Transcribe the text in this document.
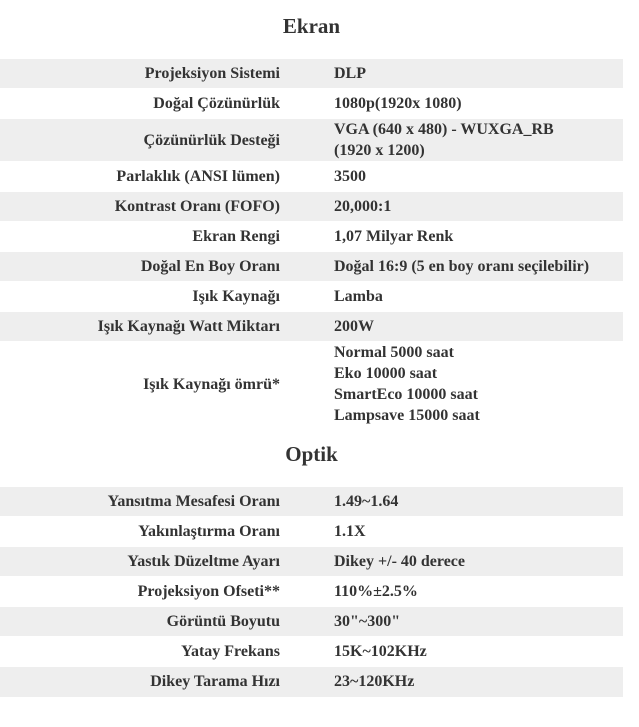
Ekran
Projeksiyon Sistemi	DLP
Doğal Çözünürlük	1080p(1920x 1080)
Çözünürlük Desteği	VGA (640 x 480) - WUXGA_RB (1920 x 1200)
Parlaklık (ANSI lümen)	3500
Kontrast Oranı (FOFO)	20,000:1
Ekran Rengi	1,07 Milyar Renk
Doğal En Boy Oranı	Doğal 16:9 (5 en boy oranı seçilebilir)
Işık Kaynağı	Lamba
Işık Kaynağı Watt Miktarı	200W
Işık Kaynağı ömrü*	Normal 5000 saat
Eko 10000 saat
SmartEco 10000 saat
Lampsave 15000 saat
Optik
Yansıtma Mesafesi Oranı	1.49~1.64
Yakınlaştırma Oranı	1.1X
Yastık Düzeltme Ayarı	Dikey +/- 40 derece
Projeksiyon Ofseti**	110%±2.5%
Görüntü Boyutu	30"~300"
Yatay Frekans	15K~102KHz
Dikey Tarama Hızı	23~120KHz
